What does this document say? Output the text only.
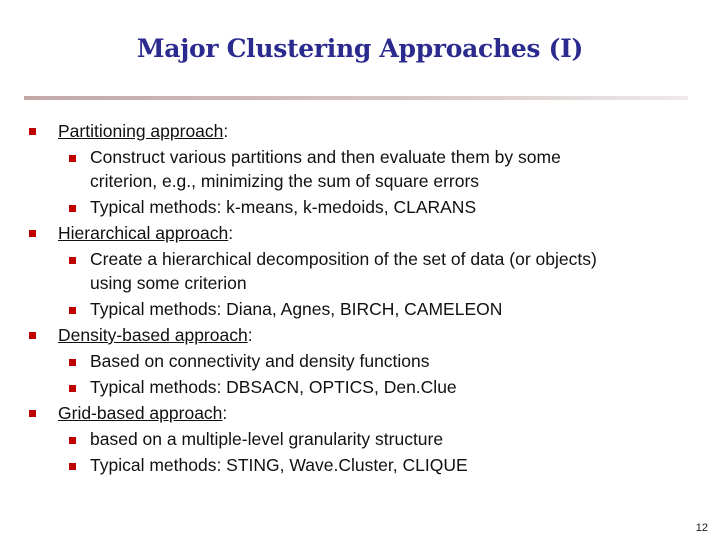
Major Clustering Approaches (I)
Partitioning approach:
Construct various partitions and then evaluate them by some
criterion, e.g., minimizing the sum of square errors
Typical methods: k-means, k-medoids, CLARANS
Hierarchical approach:
Create a hierarchical decomposition of the set of data (or objects)
using some criterion
Typical methods: Diana, Agnes, BIRCH, CAMELEON
Density-based approach:
Based on connectivity and density functions
Typical methods: DBSACN, OPTICS, Den.Clue
Grid-based approach:
based on a multiple-level granularity structure
Typical methods: STING, Wave.Cluster, CLIQUE
12
